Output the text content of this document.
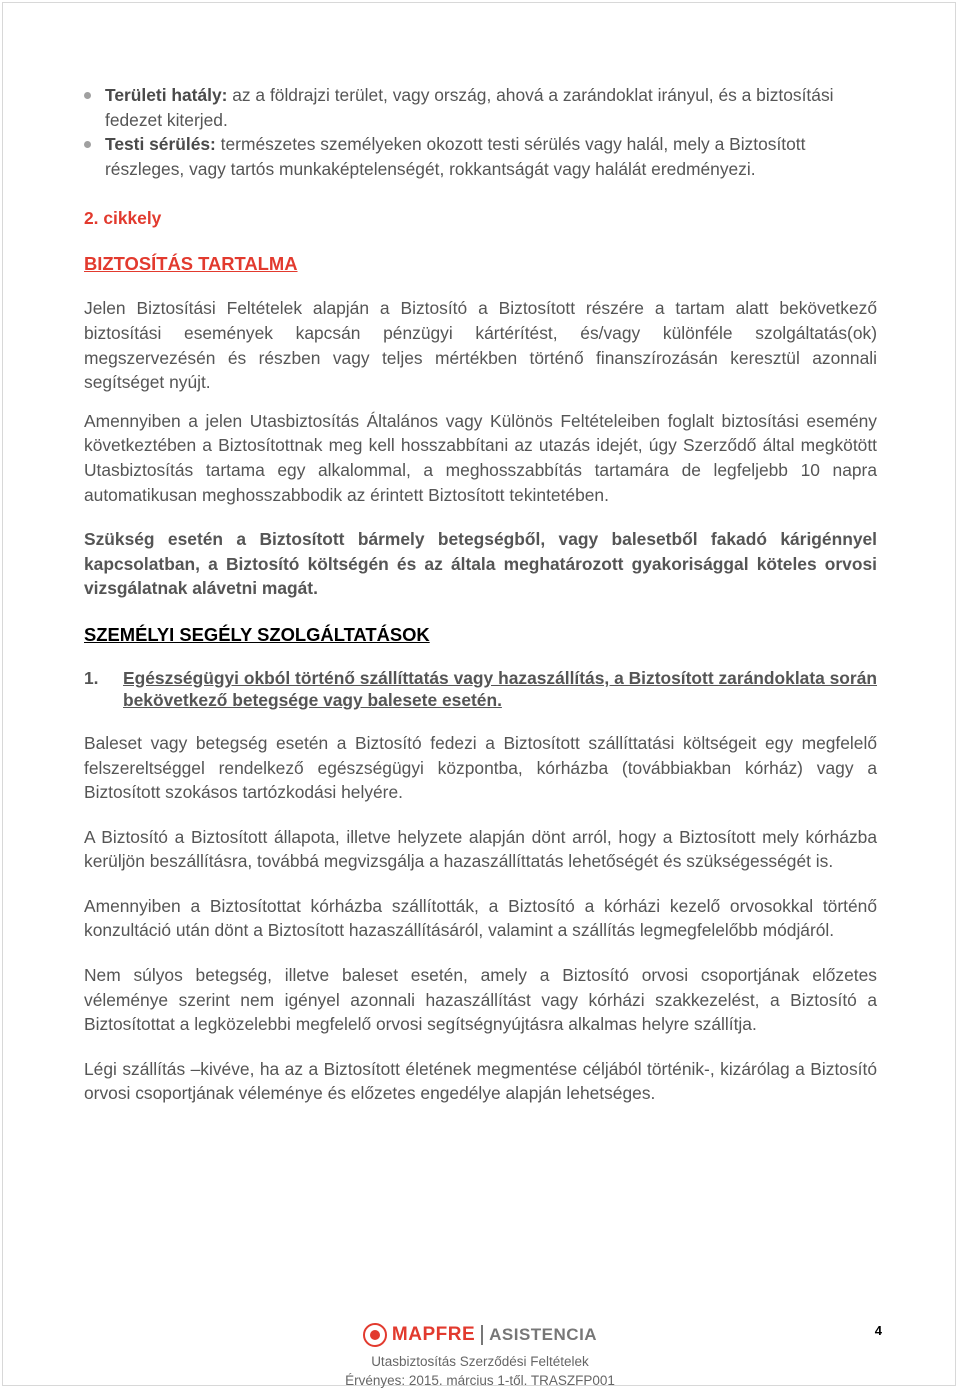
Területi hatály: az a földrajzi terület, vagy ország, ahová a zarándoklat irányul, és a biztosítási fedezet kiterjed.
Testi sérülés: természetes személyeken okozott testi sérülés vagy halál, mely a Biztosított részleges, vagy tartós munkaképtelenségét, rokkantságát vagy halálát eredményezi.
2. cikkely
BIZTOSÍTÁS TARTALMA

Jelen Biztosítási Feltételek alapján a Biztosító a Biztosított részére a tartam alatt bekövetkező biztosítási események kapcsán pénzügyi kártérítést, és/vagy különféle szolgáltatás(ok) megszervezésén és részben vagy teljes mértékben történő finanszírozásán keresztül azonnali segítséget nyújt.

Amennyiben a jelen Utasbiztosítás Általános vagy Különös Feltételeiben foglalt biztosítási esemény következtében a Biztosítottnak meg kell hosszabbítani az utazás idejét, úgy Szerződő által megkötött Utasbiztosítás tartama egy alkalommal, a meghosszabbítás tartamára de legfeljebb 10 napra automatikusan meghosszabbodik az érintett Biztosított tekintetében.

Szükség esetén a Biztosított bármely betegségből, vagy balesetből fakadó kárigénnyel kapcsolatban, a Biztosító költségén és az általa meghatározott gyakorisággal köteles orvosi vizsgálatnak alávetni magát.

SZEMÉLYI SEGÉLY SZOLGÁLTATÁSOK
1.	Egészségügyi okból történő szállíttatás vagy hazaszállítás, a Biztosított zarándoklata során bekövetkező betegsége vagy balesete esetén.

Baleset vagy betegség esetén a Biztosító fedezi a Biztosított szállíttatási költségeit egy megfelelő felszereltséggel rendelkező egészségügyi központba, kórházba (továbbiakban kórház) vagy a Biztosított szokásos tartózkodási helyére.

A Biztosító a Biztosított állapota, illetve helyzete alapján dönt arról, hogy a Biztosított mely kórházba kerüljön beszállításra, továbbá megvizsgálja a hazaszállíttatás lehetőségét és szükségességét is.

Amennyiben a Biztosítottat kórházba szállították, a Biztosító a kórházi kezelő orvosokkal történő konzultáció után dönt a Biztosított hazaszállításáról, valamint a szállítás legmegfelelőbb módjáról.

Nem súlyos betegség, illetve baleset esetén, amely a Biztosító orvosi csoportjának előzetes véleménye szerint nem igényel azonnali hazaszállítást vagy kórházi szakkezelést, a Biztosító a Biztosítottat a legközelebbi megfelelő orvosi segítségnyújtásra alkalmas helyre szállítja.

Légi szállítás –kivéve, ha az a Biztosított életének megmentése céljából történik-, kizárólag a Biztosító orvosi csoportjának véleménye és előzetes engedélye alapján lehetséges.

MAPFRE ASISTENCIA
Utasbiztosítás Szerződési Feltételek
Érvényes: 2015. március 1-től. TRASZFP001
4
